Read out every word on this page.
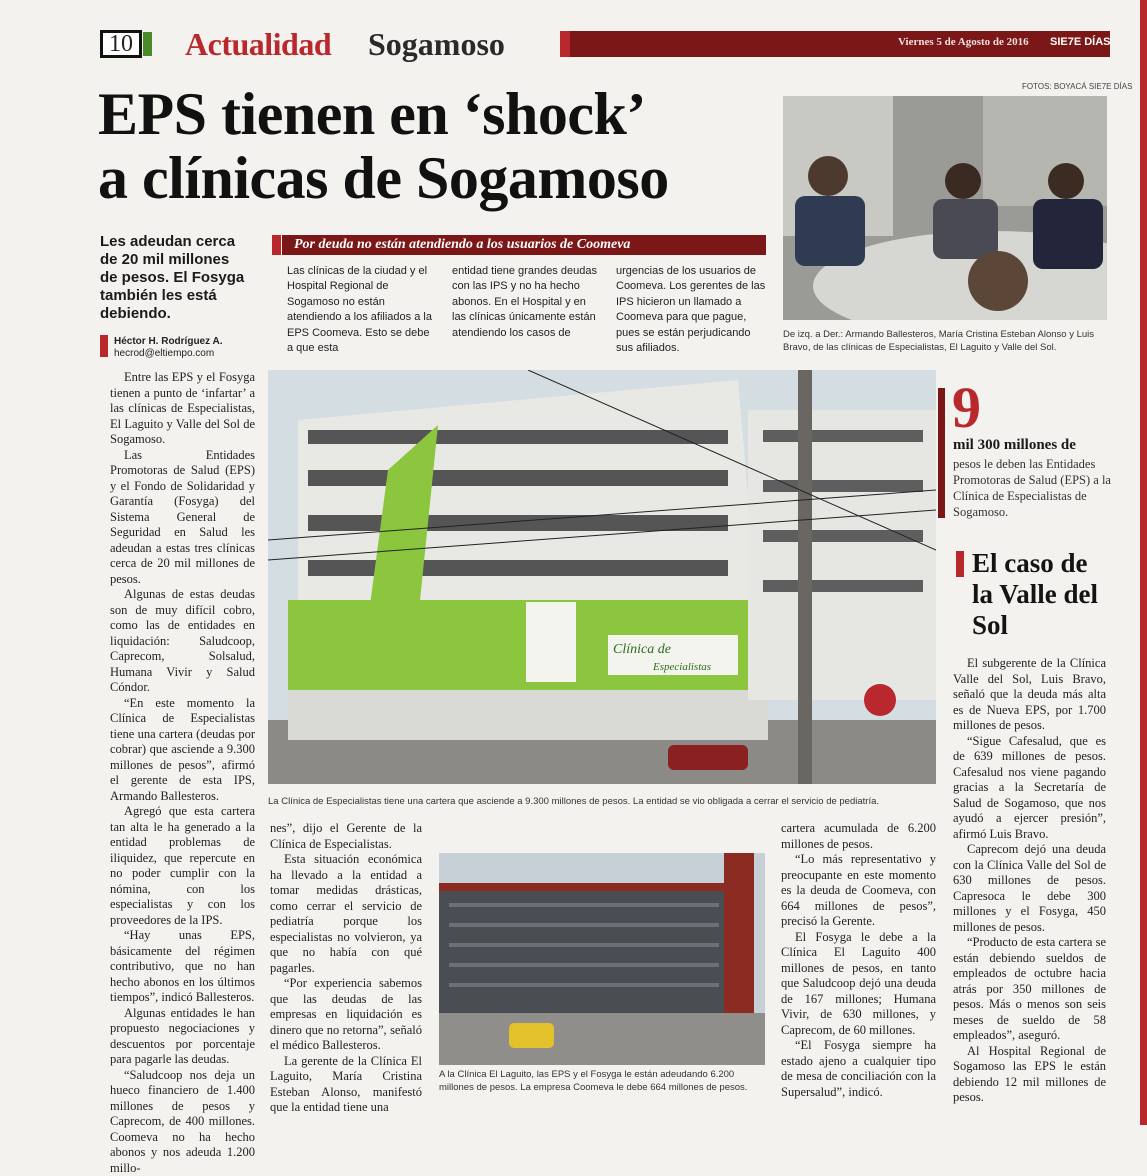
10 Actualidad Sogamoso	Viernes 5 de Agosto de 2016 SIE7E DÍAS
FOTOS: BOYACÁ SIE7E DÍAS
EPS tienen en ‘shock’
a clínicas de Sogamoso
Les adeudan cerca de 20 mil millones de pesos. El Fosyga también les está debiendo.
Héctor H. Rodríguez A.
hecrod@eltiempo.com
Por deuda no están atendiendo a los usuarios de Coomeva
Las clínicas de la ciudad y el Hospital Regional de Sogamoso no están atendiendo a los afiliados a la EPS Coomeva. Esto se debe a que esta
entidad tiene grandes deudas con las IPS y no ha hecho abonos. En el Hospital y en las clínicas únicamente están atendiendo los casos de
urgencias de los usuarios de Coomeva. Los gerentes de las IPS hicieron un llamado a Coomeva para que pague, pues se están perjudicando sus afiliados.
De izq. a Der.: Armando Ballesteros, María Cristina Esteban Alonso y Luis Bravo, de las clínicas de Especialistas, El Laguito y Valle del Sol.
Clínica de
Especialistas
La Clínica de Especialistas tiene una cartera que asciende a 9.300 millones de pesos. La entidad se vio obligada a cerrar el servicio de pediatría.
A la Clínica El Laguito, las EPS y el Fosyga le están adeudando 6.200 millones de pesos. La empresa Coomeva le debe 664 millones de pesos.
9
mil 300 millones de
pesos le deben las Entidades Promotoras de Salud (EPS) a la Clínica de Especialistas de Sogamoso.
El caso de la Valle del Sol

Entre las EPS y el Fosyga tienen a punto de ‘infartar’ a las clínicas de Especialistas, El Laguito y Valle del Sol de Sogamoso.

Las Entidades Promotoras de Salud (EPS) y el Fondo de Solidaridad y Garantía (Fosyga) del Sistema General de Seguridad en Salud les adeudan a estas tres clínicas cerca de 20 mil millones de pesos.

Algunas de estas deudas son de muy difícil cobro, como las de entidades en liquidación: Saludcoop, Caprecom, Solsalud, Humana Vivir y Salud Cóndor.

“En este momento la Clínica de Especialistas tiene una cartera (deudas por cobrar) que asciende a 9.300 millones de pesos”, afirmó el gerente de esta IPS, Armando Ballesteros.

Agregó que esta cartera tan alta le ha generado a la entidad problemas de iliquidez, que repercute en no poder cumplir con la nómina, con los especialistas y con los proveedores de la IPS.

“Hay unas EPS, básicamente del régimen contributivo, que no han hecho abonos en los últimos tiempos”, indicó Ballesteros.

Algunas entidades le han propuesto negociaciones y descuentos por porcentaje para pagarle las deudas.

“Saludcoop nos deja un hueco financiero de 1.400 millones de pesos y Caprecom, de 400 millones. Coomeva no ha hecho abonos y nos adeuda 1.200 millo-

nes”, dijo el Gerente de la Clínica de Especialistas.

Esta situación económica ha llevado a la entidad a tomar medidas drásticas, como cerrar el servicio de pediatría porque los especialistas no volvieron, ya que no había con qué pagarles.

“Por experiencia sabemos que las deudas de las empresas en liquidación es dinero que no retorna”, señaló el médico Ballesteros.

La gerente de la Clínica El Laguito, María Cristina Esteban Alonso, manifestó que la entidad tiene una

cartera acumulada de 6.200 millones de pesos.

“Lo más representativo y preocupante en este momento es la deuda de Coomeva, con 664 millones de pesos”, precisó la Gerente.

El Fosyga le debe a la Clínica El Laguito 400 millones de pesos, en tanto que Saludcoop dejó una deuda de 167 millones; Humana Vivir, de 630 millones, y Caprecom, de 60 millones.

“El Fosyga siempre ha estado ajeno a cualquier tipo de mesa de conciliación con la Supersalud”, indicó.

El subgerente de la Clínica Valle del Sol, Luis Bravo, señaló que la deuda más alta es de Nueva EPS, por 1.700 millones de pesos.

“Sigue Cafesalud, que es de 639 millones de pesos. Cafesalud nos viene pagando gracias a la Secretaría de Salud de Sogamoso, que nos ayudó a ejercer presión”, afirmó Luis Bravo.

Caprecom dejó una deuda con la Clínica Valle del Sol de 630 millones de pesos. Capresoca le debe 300 millones y el Fosyga, 450 millones de pesos.

“Producto de esta cartera se están debiendo sueldos de empleados de octubre hacia atrás por 350 millones de pesos. Más o menos son seis meses de sueldo de 58 empleados”, aseguró.

Al Hospital Regional de Sogamoso las EPS le están debiendo 12 mil millones de pesos.
